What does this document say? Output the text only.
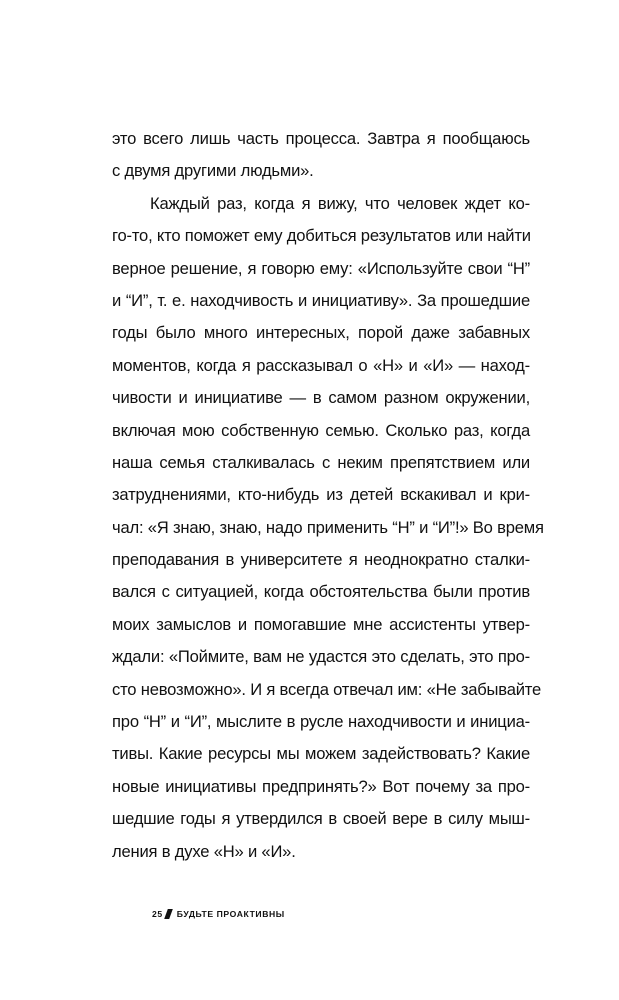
это всего лишь часть процесса. Завтра я пообщаюсь
с двумя другими людьми».
Каждый раз, когда я вижу, что человек ждет ко-
го-то, кто поможет ему добиться результатов или найти
верное решение, я говорю ему: «Используйте свои “Н”
и “И”, т. е. находчивость и инициативу». За прошедшие
годы было много интересных, порой даже забавных
моментов, когда я рассказывал о «Н» и «И» — наход-
чивости и инициативе — в самом разном окружении,
включая мою собственную семью. Сколько раз, когда
наша семья сталкивалась с неким препятствием или
затруднениями, кто-нибудь из детей вскакивал и кри-
чал: «Я знаю, знаю, надо применить “Н” и “И”!» Во время
преподавания в университете я неоднократно сталки-
вался с ситуацией, когда обстоятельства были против
моих замыслов и помогавшие мне ассистенты утвер-
ждали: «Поймите, вам не удастся это сделать, это про-
сто невозможно». И я всегда отвечал им: «Не забывайте
про “Н” и “И”, мыслите в русле находчивости и инициа-
тивы. Какие ресурсы мы можем задействовать? Какие
новые инициативы предпринять?» Вот почему за про-
шедшие годы я утвердился в своей вере в силу мыш-
ления в духе «Н» и «И».
25 БУДЬТЕ ПРОАКТИВНЫ
